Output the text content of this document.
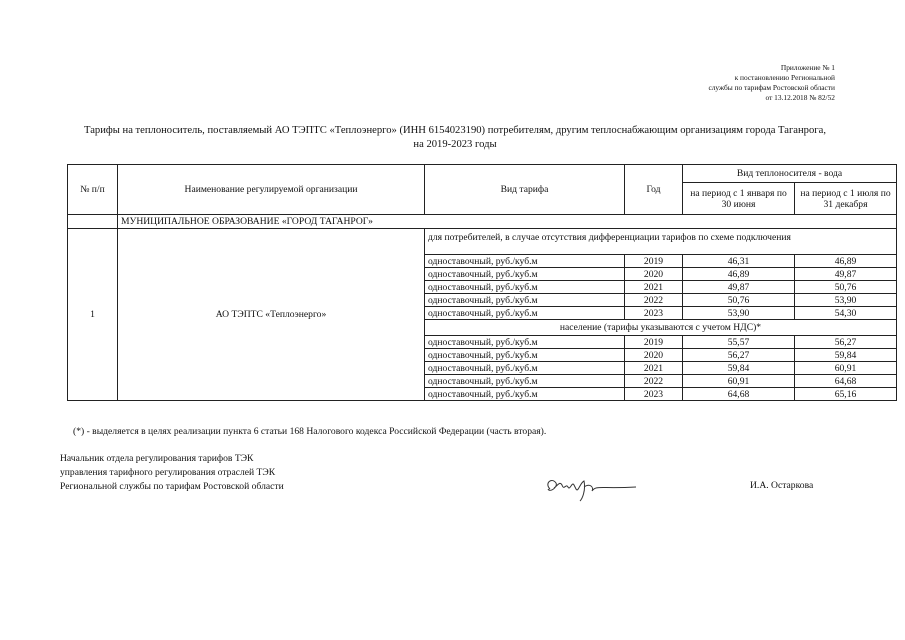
Приложение № 1
к постановлению Региональной
службы по тарифам Ростовской области
от 13.12.2018 № 82/52
Тарифы на теплоноситель, поставляемый АО ТЭПТС «Теплоэнерго» (ИНН 6154023190) потребителям, другим теплоснабжающим организациям города Таганрога,
на 2019-2023 годы
№ п/п	Наименование регулируемой организации	Вид тарифа	Год	Вид теплоносителя - вода	
				на период с 1 января по 30 июня	на период с 1 июля по 31 декабря
	МУНИЦИПАЛЬНОЕ ОБРАЗОВАНИЕ «ГОРОД ТАГАНРОГ»				
1	АО ТЭПТС «Теплоэнерго»	для потребителей, в случае отсутствия дифференциации тарифов по схеме подключения			
		одноставочный, руб./куб.м	2019	46,31	46,89
		одноставочный, руб./куб.м	2020	46,89	49,87
		одноставочный, руб./куб.м	2021	49,87	50,76
		одноставочный, руб./куб.м	2022	50,76	53,90
		одноставочный, руб./куб.м	2023	53,90	54,30
		население (тарифы указываются с учетом НДС)*			
		одноставочный, руб./куб.м	2019	55,57	56,27
		одноставочный, руб./куб.м	2020	56,27	59,84
		одноставочный, руб./куб.м	2021	59,84	60,91
		одноставочный, руб./куб.м	2022	60,91	64,68
		одноставочный, руб./куб.м	2023	64,68	65,16
(*) - выделяется в целях реализации пункта 6 статьи 168 Налогового кодекса Российской Федерации (часть вторая).
Начальник отдела регулирования тарифов ТЭК
управления тарифного регулирования отраслей ТЭК
Региональной службы по тарифам Ростовской области	И.А. Остаркова
